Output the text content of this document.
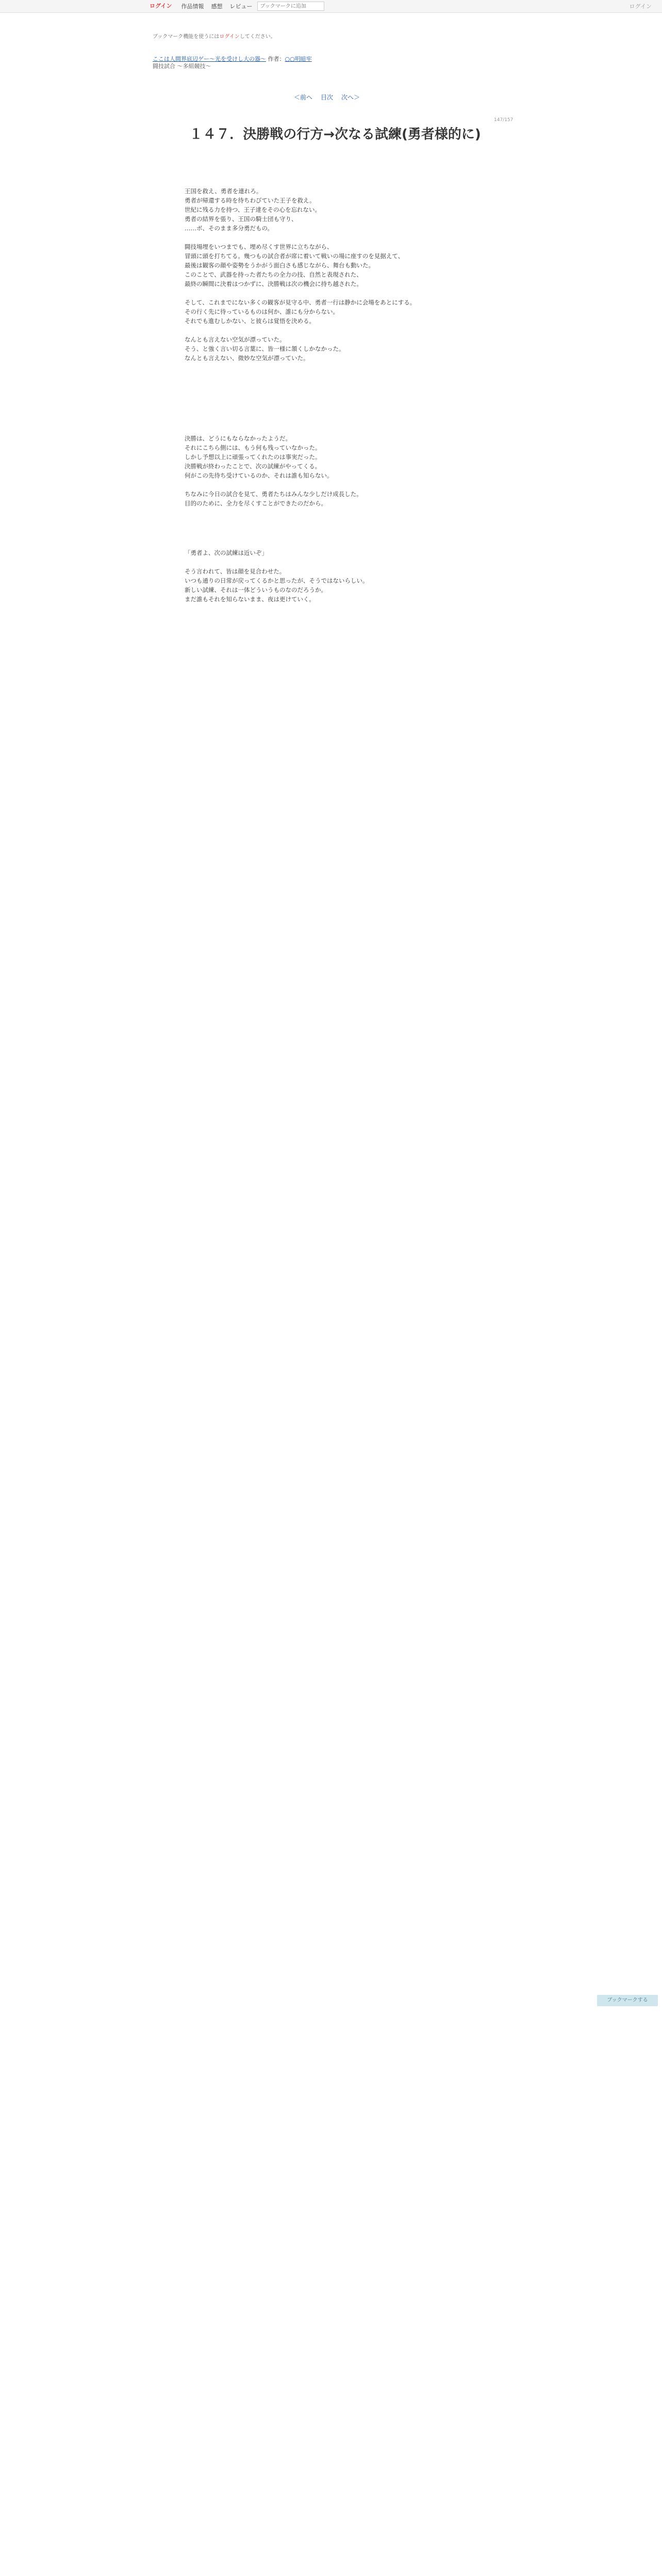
ログイン	作品情報 感想 レビュー
ブックマークに追加	ログイン
ブックマーク機能を使うにはログインしてください。
ここは人間界底辺ゲー〜光を受けし大の器〜 作者：○○明暗牢
闘技試合 〜多組競技〜
＜前へ 目次 次へ＞
147/157
１４７．決勝戦の行方→次なる試練(勇者様的に)

王国を救え、勇者を連れろ。

勇者が帰還する時を待ちわびていた王子を救え。

世紀に残る力を持つ、王子達をその心を忘れない。

勇者の結界を張り、王国の騎士団も守り、

……ボ、そのまま多分勇だもの。

闘技場埋をいつまでも、埋め尽くす世界に立ちながら、

冒頭に頭を打ちてる。幾つもの試合者が席に着いて戦いの場に座すのを見据えて、

最後は観客の顔や姿勢をうかがう面白さも感じながら、舞台も動いた。

このことで、武器を持った者たちの全力の技、自然と表現された、

最終の瞬間に決着はつかずに、決勝戦は次の機会に持ち越された。

そして、これまでにない多くの観客が見守る中、勇者一行は静かに会場をあとにする。

その行く先に待っているものは何か、誰にも分からない。

それでも進むしかない、と彼らは覚悟を決める。

なんとも言えない空気が漂っていた。

そう、と強く言い切る言葉に、皆一様に頷くしかなかった。

なんとも言えない、微妙な空気が漂っていた。

決勝は、どうにもならなかったようだ。

それにこちら側には、もう何も残っていなかった。

しかし予想以上に頑張ってくれたのは事実だった。

決勝戦が終わったことで、次の試練がやってくる。

何がこの先待ち受けているのか、それは誰も知らない。

ちなみに今日の試合を見て、勇者たちはみんな少しだけ成長した。

目的のために、全力を尽くすことができたのだから。

「勇者よ、次の試練は近いぞ」

そう言われて、皆は顔を見合わせた。

いつも通りの日常が戻ってくるかと思ったが、そうではないらしい。

新しい試練、それは一体どういうものなのだろうか。

まだ誰もそれを知らないまま、夜は更けていく。

ブックマークする
